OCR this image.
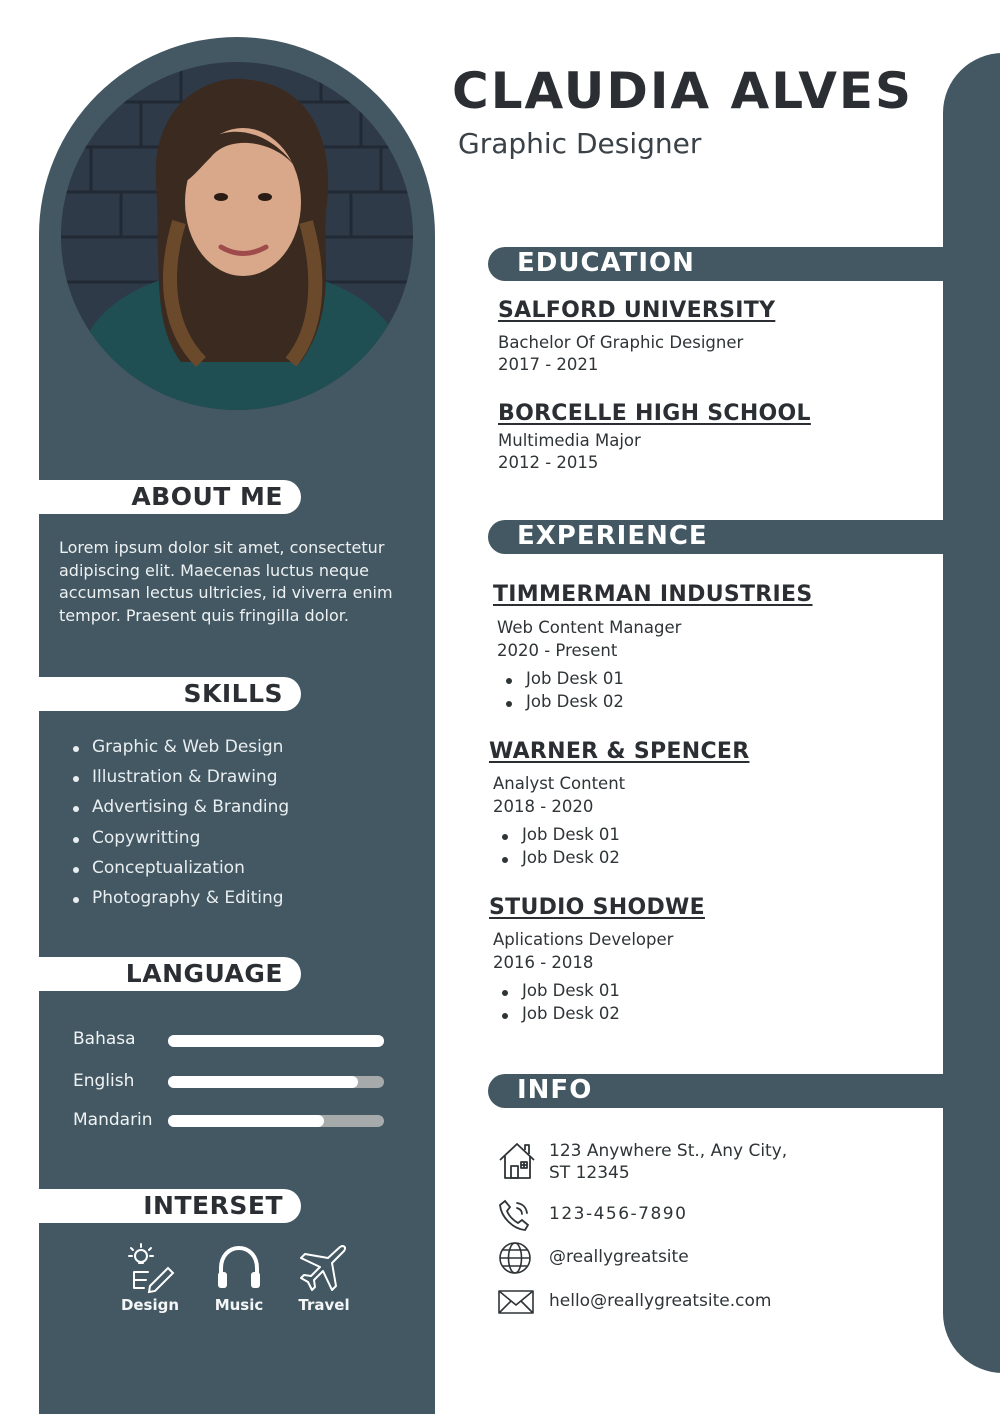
CLAUDIA ALVES
Graphic Designer
ABOUT ME
Lorem ipsum dolor sit amet, consectetur adipiscing elit. Maecenas luctus neque accumsan lectus ultricies, id viverra enim tempor. Praesent quis fringilla dolor.
SKILLS
Graphic & Web Design
Illustration & Drawing
Advertising & Branding
Copywritting
Conceptualization
Photography & Editing
LANGUAGE
Bahasa
English
Mandarin
INTERSET
Design	Music	Travel
EDUCATION
SALFORD UNIVERSITY
Bachelor Of Graphic Designer
2017 - 2021
BORCELLE HIGH SCHOOL
Multimedia Major
2012 - 2015
EXPERIENCE
TIMMERMAN INDUSTRIES
Web Content Manager
2020 - Present
Job Desk 01
Job Desk 02
WARNER & SPENCER
Analyst Content
2018 - 2020
Job Desk 01
Job Desk 02
STUDIO SHODWE
Aplications Developer
2016 - 2018
Job Desk 01
Job Desk 02
INFO
123 Anywhere St., Any City,
ST 12345
123-456-7890
@reallygreatsite
hello@reallygreatsite.com
